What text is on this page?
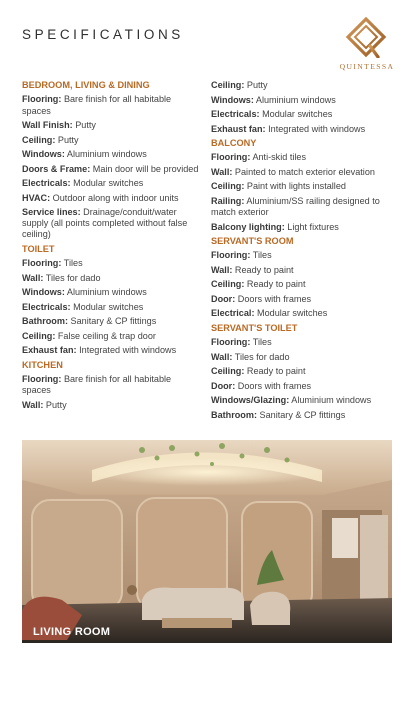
SPECIFICATIONS
QUINTESSA
BEDROOM, LIVING & DINING
Flooring: Bare finish for all habitable spaces
Wall Finish: Putty
Ceiling: Putty
Windows: Aluminium windows
Doors & Frame: Main door will be provided
Electricals: Modular switches
HVAC: Outdoor along with indoor units
Service lines: Drainage/conduit/water supply (all points completed without false ceiling)
TOILET
Flooring: Tiles
Wall: Tiles for dado
Windows: Aluminium windows
Electricals: Modular switches
Bathroom: Sanitary & CP fittings
Ceiling: False ceiling & trap door
Exhaust fan: Integrated with windows
KITCHEN
Flooring: Bare finish for all habitable spaces
Wall: Putty
Ceiling: Putty
Windows: Aluminium windows
Electricals: Modular switches
Exhaust fan: Integrated with windows
BALCONY
Flooring: Anti-skid tiles
Wall: Painted to match exterior elevation
Ceiling: Paint with lights installed
Railing: Aluminium/SS railing designed to match exterior
Balcony lighting: Light fixtures
SERVANT'S ROOM
Flooring: Tiles
Wall: Ready to paint
Ceiling: Ready to paint
Door: Doors with frames
Electrical: Modular switches
SERVANT'S TOILET
Flooring: Tiles
Wall: Tiles for dado
Ceiling: Ready to paint
Door: Doors with frames
Windows/Glazing: Aluminium windows
Bathroom: Sanitary & CP fittings
LIVING ROOM
